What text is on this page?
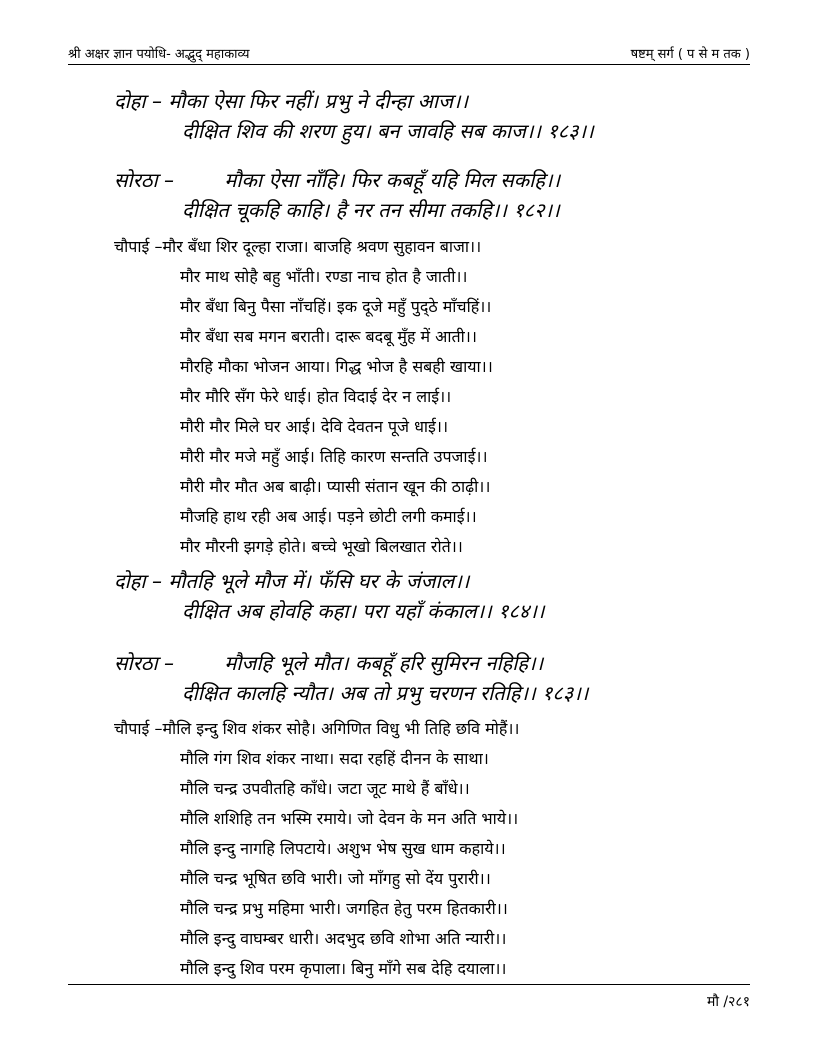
श्री अक्षर ज्ञान पयोधि- अद्भुद् महाकाव्य	षष्टम् सर्ग ( प से म तक )
दोहा – मौका ऐसा फिर नहीं। प्रभु ने दीन्हा आज।।
दीक्षित शिव की शरण हुय। बन जावहि सब काज।। १८३।।
सोरठा –	मौका ऐसा नाँहि। फिर कबहूँ यहि मिल सकहि।।
दीक्षित चूकहि काहि। है नर तन सीमा तकहि।। १८२।।
चौपाई –मौर बँधा शिर दूल्हा राजा। बाजहि श्रवण सुहावन बाजा।।
मौर माथ सोहै बहु भाँती। रण्डा नाच होत है जाती।।
मौर बँधा बिनु पैसा नाँचहिं। इक दूजे महुँ पुद्ठे माँचहिं।।
मौर बँधा सब मगन बराती। दारू बदबू मुँह में आती।।
मौरहि मौका भोजन आया। गिद्ध भोज है सबही खाया।।
मौर मौरि सँग फेरे धाई। होत विदाई देर न लाई।।
मौरी मौर मिले घर आई। देवि देवतन पूजे धाई।।
मौरी मौर मजे महुँ आई। तिहि कारण सन्तति उपजाई।।
मौरी मौर मौत अब बाढ़ी। प्यासी संतान खून की ठाढ़ी।।
मौजहि हाथ रही अब आई। पड़ने छोटी लगी कमाई।।
मौर मौरनी झगड़े होते। बच्चे भूखो बिलखात रोते।।
दोहा – मौतहि भूले मौज में। फँसि घर के जंजाल।।
दीक्षित अब होवहि कहा। परा यहाँ कंकाल।। १८४।।
सोरठा –	मौजहि भूले मौत। कबहूँ हरि सुमिरन नहिहि।।
दीक्षित कालहि न्यौत। अब तो प्रभु चरणन रतिहि।। १८३।।
चौपाई –मौलि इन्दु शिव शंकर सोहै। अगिणित विधु भी तिहि छवि मोहैं।।
मौलि गंग शिव शंकर नाथा। सदा रहहिं दीनन के साथा।
मौलि चन्द्र उपवीतहि काँधे। जटा जूट माथे हैं बाँधे।।
मौलि शशिहि तन भस्मि रमाये। जो देवन के मन अति भाये।।
मौलि इन्दु नागहि लिपटाये। अशुभ भेष सुख धाम कहाये।।
मौलि चन्द्र भूषित छवि भारी। जो माँगहु सो देंय पुरारी।।
मौलि चन्द्र प्रभु महिमा भारी। जगहित हेतु परम हितकारी।।
मौलि इन्दु वाघम्बर धारी। अदभुद छवि शोभा अति न्यारी।।
मौलि इन्दु शिव परम कृपाला। बिनु माँगे सब देहि दयाला।।
मौ /२८१
